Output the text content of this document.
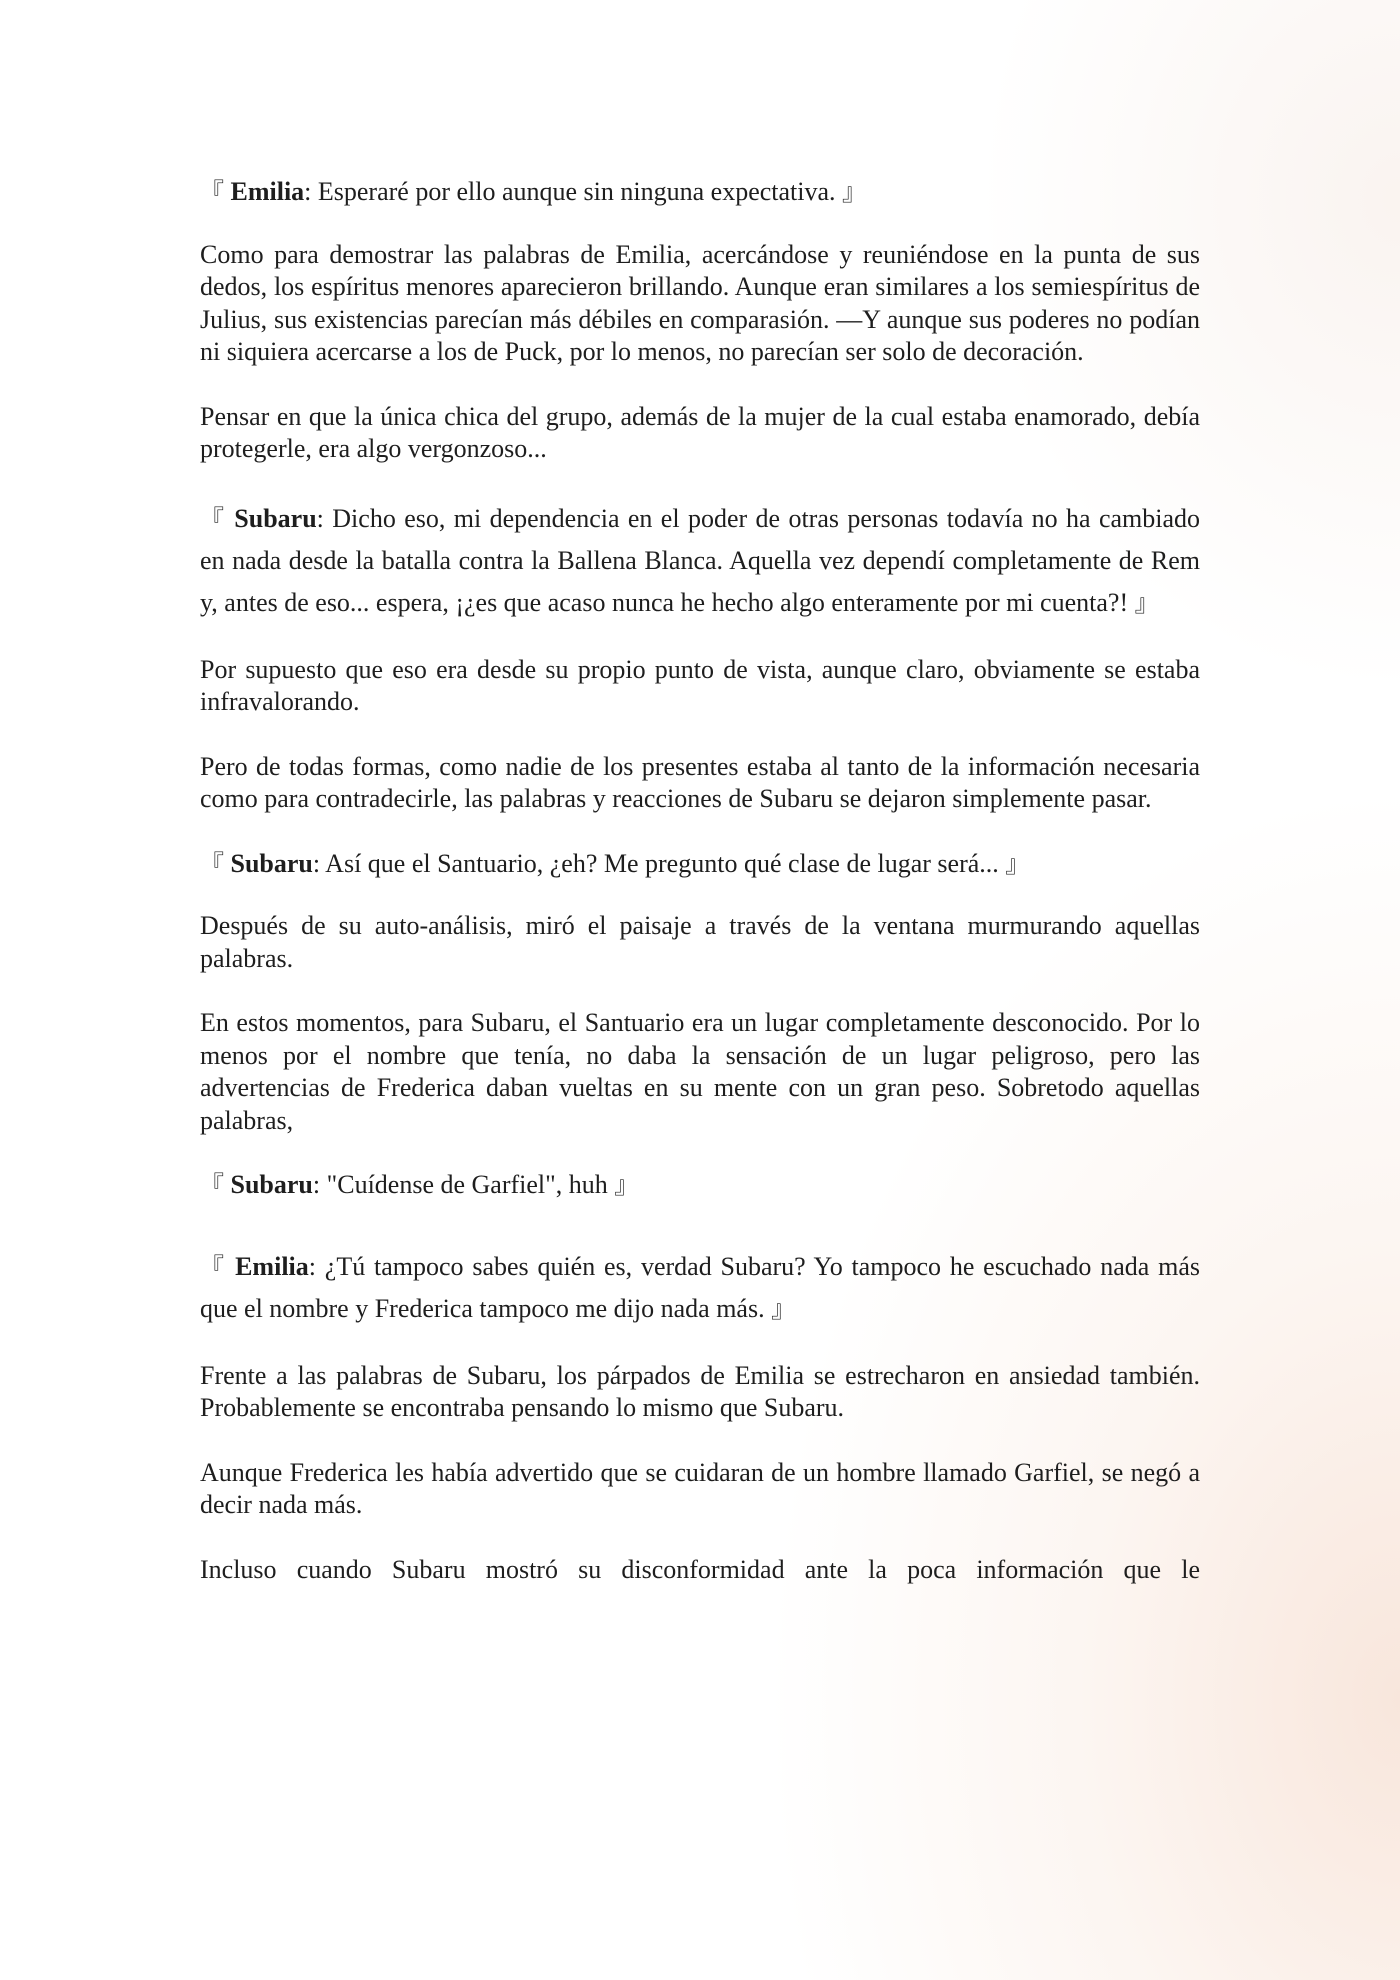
『 Emilia: Esperaré por ello aunque sin ninguna expectativa. 』

Como para demostrar las palabras de Emilia, acercándose y reuniéndose en la punta de sus dedos, los espíritus menores aparecieron brillando. Aunque eran similares a los semiespíritus de Julius, sus existencias parecían más débiles en comparasión. —Y aunque sus poderes no podían ni siquiera acercarse a los de Puck, por lo menos, no parecían ser solo de decoración.

Pensar en que la única chica del grupo, además de la mujer de la cual estaba enamorado, debía protegerle, era algo vergonzoso...

『 Subaru: Dicho eso, mi dependencia en el poder de otras personas todavía no ha cambiado en nada desde la batalla contra la Ballena Blanca. Aquella vez dependí completamente de Rem y, antes de eso... espera, ¡¿es que acaso nunca he hecho algo enteramente por mi cuenta?! 』

Por supuesto que eso era desde su propio punto de vista, aunque claro, obviamente se estaba infravalorando.

Pero de todas formas, como nadie de los presentes estaba al tanto de la información necesaria como para contradecirle, las palabras y reacciones de Subaru se dejaron simplemente pasar.

『 Subaru: Así que el Santuario, ¿eh? Me pregunto qué clase de lugar será... 』

Después de su auto-análisis, miró el paisaje a través de la ventana murmurando aquellas palabras.

En estos momentos, para Subaru, el Santuario era un lugar completamente desconocido. Por lo menos por el nombre que tenía, no daba la sensación de un lugar peligroso, pero las advertencias de Frederica daban vueltas en su mente con un gran peso. Sobretodo aquellas palabras,

『 Subaru: "Cuídense de Garfiel", huh 』

『 Emilia: ¿Tú tampoco sabes quién es, verdad Subaru? Yo tampoco he escuchado nada más que el nombre y Frederica tampoco me dijo nada más. 』

Frente a las palabras de Subaru, los párpados de Emilia se estrecharon en ansiedad también. Probablemente se encontraba pensando lo mismo que Subaru.

Aunque Frederica les había advertido que se cuidaran de un hombre llamado Garfiel, se negó a decir nada más.

Incluso cuando Subaru mostró su disconformidad ante la poca información que le
